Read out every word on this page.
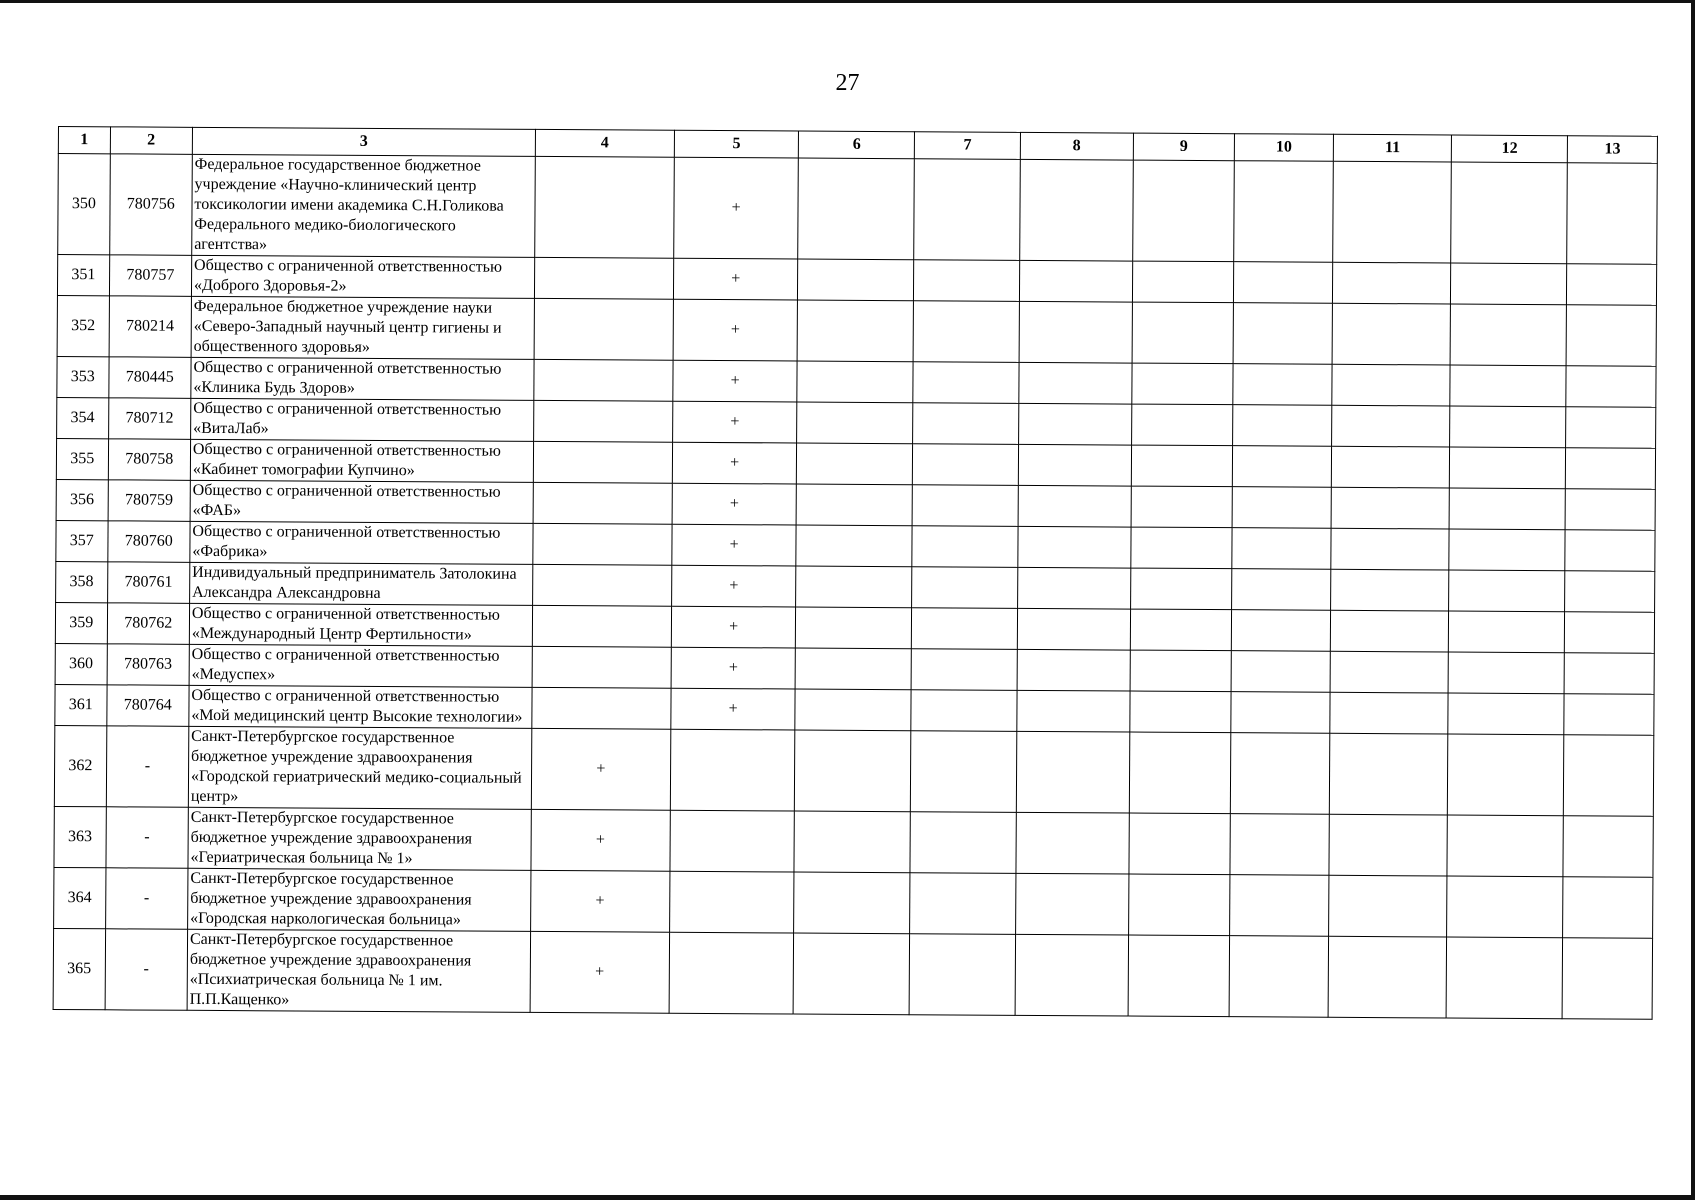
27
1	2	3	4	5	6	7	8	9	10	11	12	13
350	780756	Федеральное государственное бюджетное учреждение «Научно-клинический центр токсикологии имени академика С.Н.Голикова Федерального медико-биологического агентства»		+								
351	780757	Общество с ограниченной ответственностью «Доброго Здоровья-2»		+								
352	780214	Федеральное бюджетное учреждение науки «Северо-Западный научный центр гигиены и общественного здоровья»		+								
353	780445	Общество с ограниченной ответственностью «Клиника Будь Здоров»		+								
354	780712	Общество с ограниченной ответственностью «ВитаЛаб»		+								
355	780758	Общество с ограниченной ответственностью «Кабинет томографии Купчино»		+								
356	780759	Общество с ограниченной ответственностью «ФАБ»		+								
357	780760	Общество с ограниченной ответственностью «Фабрика»		+								
358	780761	Индивидуальный предприниматель Затолокина Александра Александровна		+								
359	780762	Общество с ограниченной ответственностью «Международный Центр Фертильности»		+								
360	780763	Общество с ограниченной ответственностью «Медуспех»		+								
361	780764	Общество с ограниченной ответственностью «Мой медицинский центр Высокие технологии»		+								
362	-	Санкт-Петербургское государственное бюджетное учреждение здравоохранения «Городской гериатрический медико-социальный центр»	+									
363	-	Санкт-Петербургское государственное бюджетное учреждение здравоохранения «Гериатрическая больница № 1»	+									
364	-	Санкт-Петербургское государственное бюджетное учреждение здравоохранения «Городская наркологическая больница»	+									
365	-	Санкт-Петербургское государственное бюджетное учреждение здравоохранения «Психиатрическая больница № 1 им. П.П.Кащенко»	+									
